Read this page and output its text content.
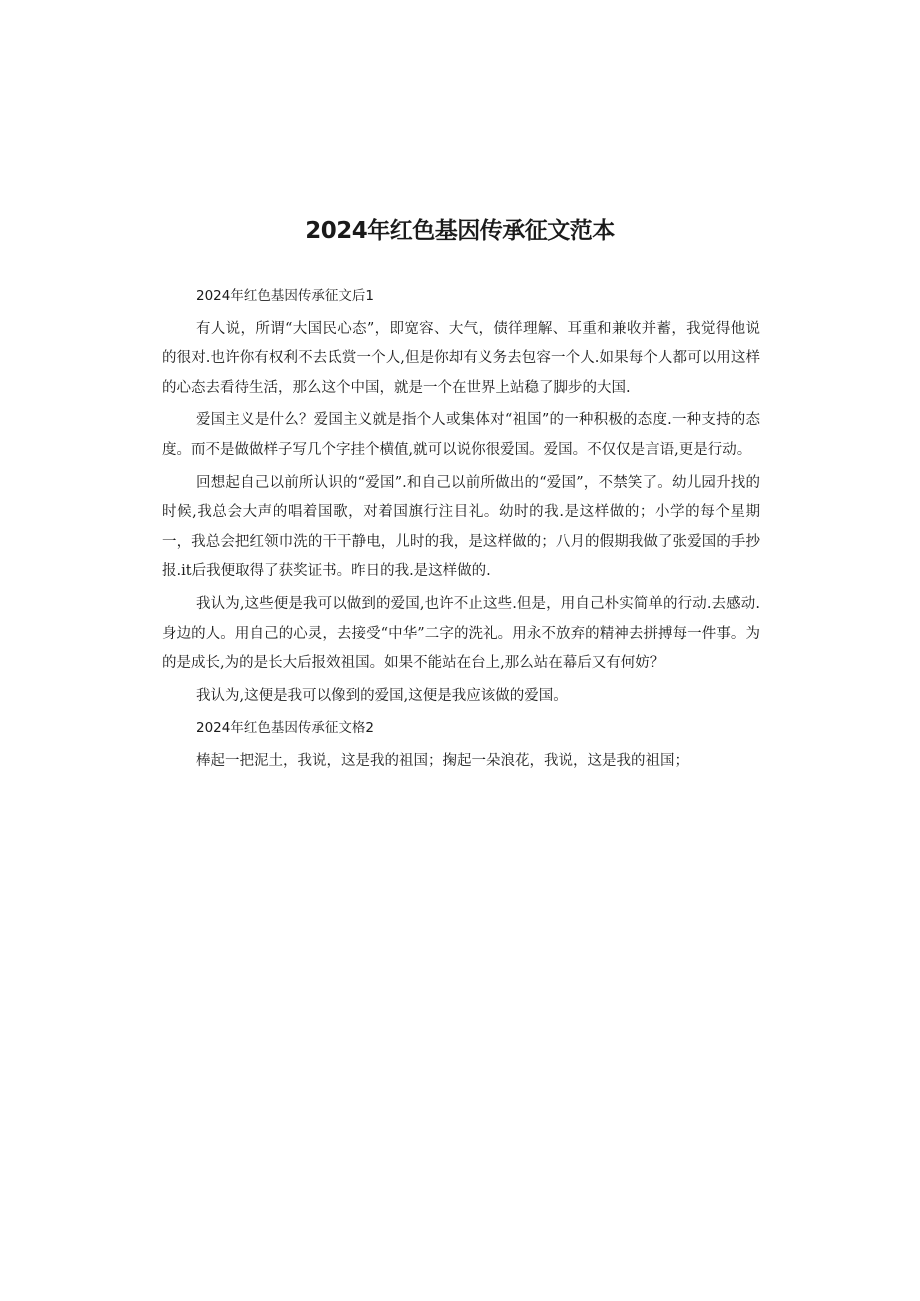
2024年红色基因传承征文范本

2024年红色基因传承征文后1

有人说，所谓“大国民心态”，即宽容、大气，债徉理解、耳重和兼收并蓄，我觉得他说的很对.也许你有权利不去氐赏一个人,但是你却有义务去包容一个人.如果每个人都可以用这样的心态去看待生活，那么这个中国，就是一个在世界上站稳了脚步的大国.

爱国主义是什么？爱国主义就是指个人或集体对“祖国”的一种积极的态度.一种支持的态度。而不是做做样子写几个字挂个横值,就可以说你很爱国。爱国。不仅仅是言语,更是行动。

回想起自己以前所认识的“爱国”.和自己以前所做出的“爱国”，不禁笑了。幼儿园升找的时候,我总会大声的唱着国歌，对着国旗行注目礼。幼时的我.是这样做的；小学的每个星期一，我总会把红领巾洗的干干静电，儿时的我，是这样做的；八月的假期我做了张爱国的手抄报.it后我便取得了获奖证书。昨日的我.是这样做的.

我认为,这些便是我可以做到的爱国,也许不止这些.但是，用自己朴实简单的行动.去感动.身边的人。用自己的心灵，去接受“中华”二字的洗礼。用永不放弃的精神去拼搏每一件事。为的是成长,为的是长大后报效祖国。如果不能站在台上,那么站在幕后又有何妨？

我认为,这便是我可以像到的爱国,这便是我应该做的爱国。

2024年红色基因传承征文格2

棒起一把泥土，我说，这是我的祖国；掬起一朵浪花，我说，这是我的祖国；
